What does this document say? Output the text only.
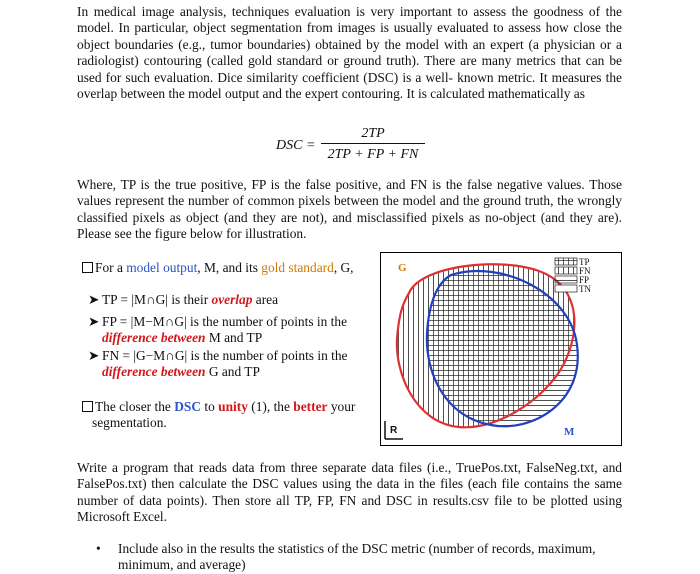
In medical image analysis, techniques evaluation is very important to assess the goodness of the model. In particular, object segmentation from images is usually evaluated to assess how close the object boundaries (e.g., tumor boundaries) obtained by the model with an expert (a physician or a radiologist) contouring (called gold standard or ground truth). There are many metrics that can be used for such evaluation. Dice similarity coefficient (DSC) is a well- known metric. It measures the overlap between the model output and the expert contouring. It is calculated mathematically as

DSC =
2TP
2TP + FP + FN

Where, TP is the true positive, FP is the false positive, and FN is the false negative values. Those values represent the number of common pixels between the model and the ground truth, the wrongly classified pixels as object (and they are not), and misclassified pixels as no-object (and they are). Please see the figure below for illustration.

For a model output, M, and its gold standard, G,
➤ TP = |M∩G| is their overlap area
➤ FP = |M−M∩G| is the number of points in the
difference between M and TP
➤ FN = |G−M∩G| is the number of points in the
difference between G and TP
The closer the DSC to unity (1), the better your
segmentation.
TP
FN
FP
TN
G
M
R

Write a program that reads data from three separate data files (i.e., TruePos.txt, FalseNeg.txt, and FalsePos.txt) then calculate the DSC values using the data in the files (each file contains the same number of data points). Then store all TP, FP, FN and DSC in results.csv file to be plotted using Microsoft Excel.

• Include also in the results the statistics of the DSC metric (number of records, maximum, minimum, and average)
